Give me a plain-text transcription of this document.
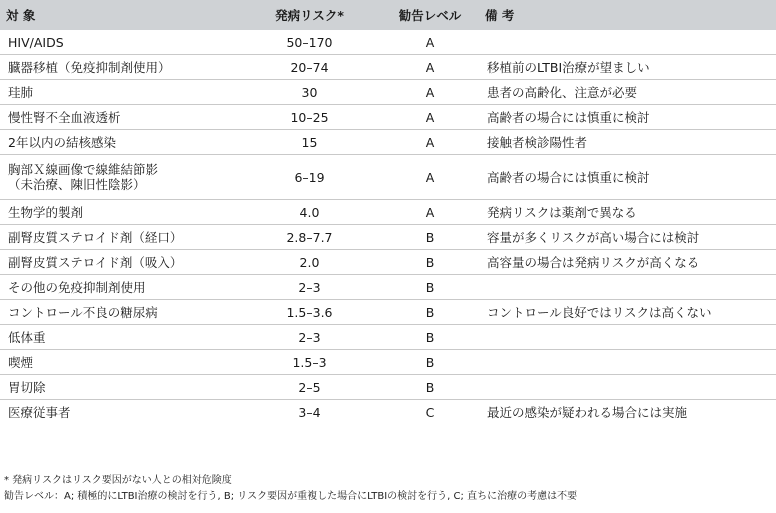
対 象	発病リスク*	勧告レベル	備 考
HIV/AIDS	50–170	A	
臓器移植（免疫抑制剤使用）	20–74	A	移植前のLTBI治療が望ましい
珪肺	30	A	患者の高齢化、注意が必要
慢性腎不全血液透析	10–25	A	高齢者の場合には慎重に検討
2年以内の結核感染	15	A	接触者検診陽性者
胸部Ｘ線画像で線維結節影
（未治療、陳旧性陰影）	6–19	A	高齢者の場合には慎重に検討
生物学的製剤	4.0	A	発病リスクは薬剤で異なる
副腎皮質ステロイド剤（経口）	2.8–7.7	B	容量が多くリスクが高い場合には検討
副腎皮質ステロイド剤（吸入）	2.0	B	高容量の場合は発病リスクが高くなる
その他の免疫抑制剤使用	2–3	B	
コントロール不良の糖尿病	1.5–3.6	B	コントロール良好ではリスクは高くない
低体重	2–3	B	
喫煙	1.5–3	B	
胃切除	2–5	B	
医療従事者	3–4	C	最近の感染が疑われる場合には実施
* 発病リスクはリスク要因がない人との相対危険度
勧告レベル：A; 積極的にLTBI治療の検討を行う, B; リスク要因が重複した場合にLTBIの検討を行う, C; 直ちに治療の考慮は不要
